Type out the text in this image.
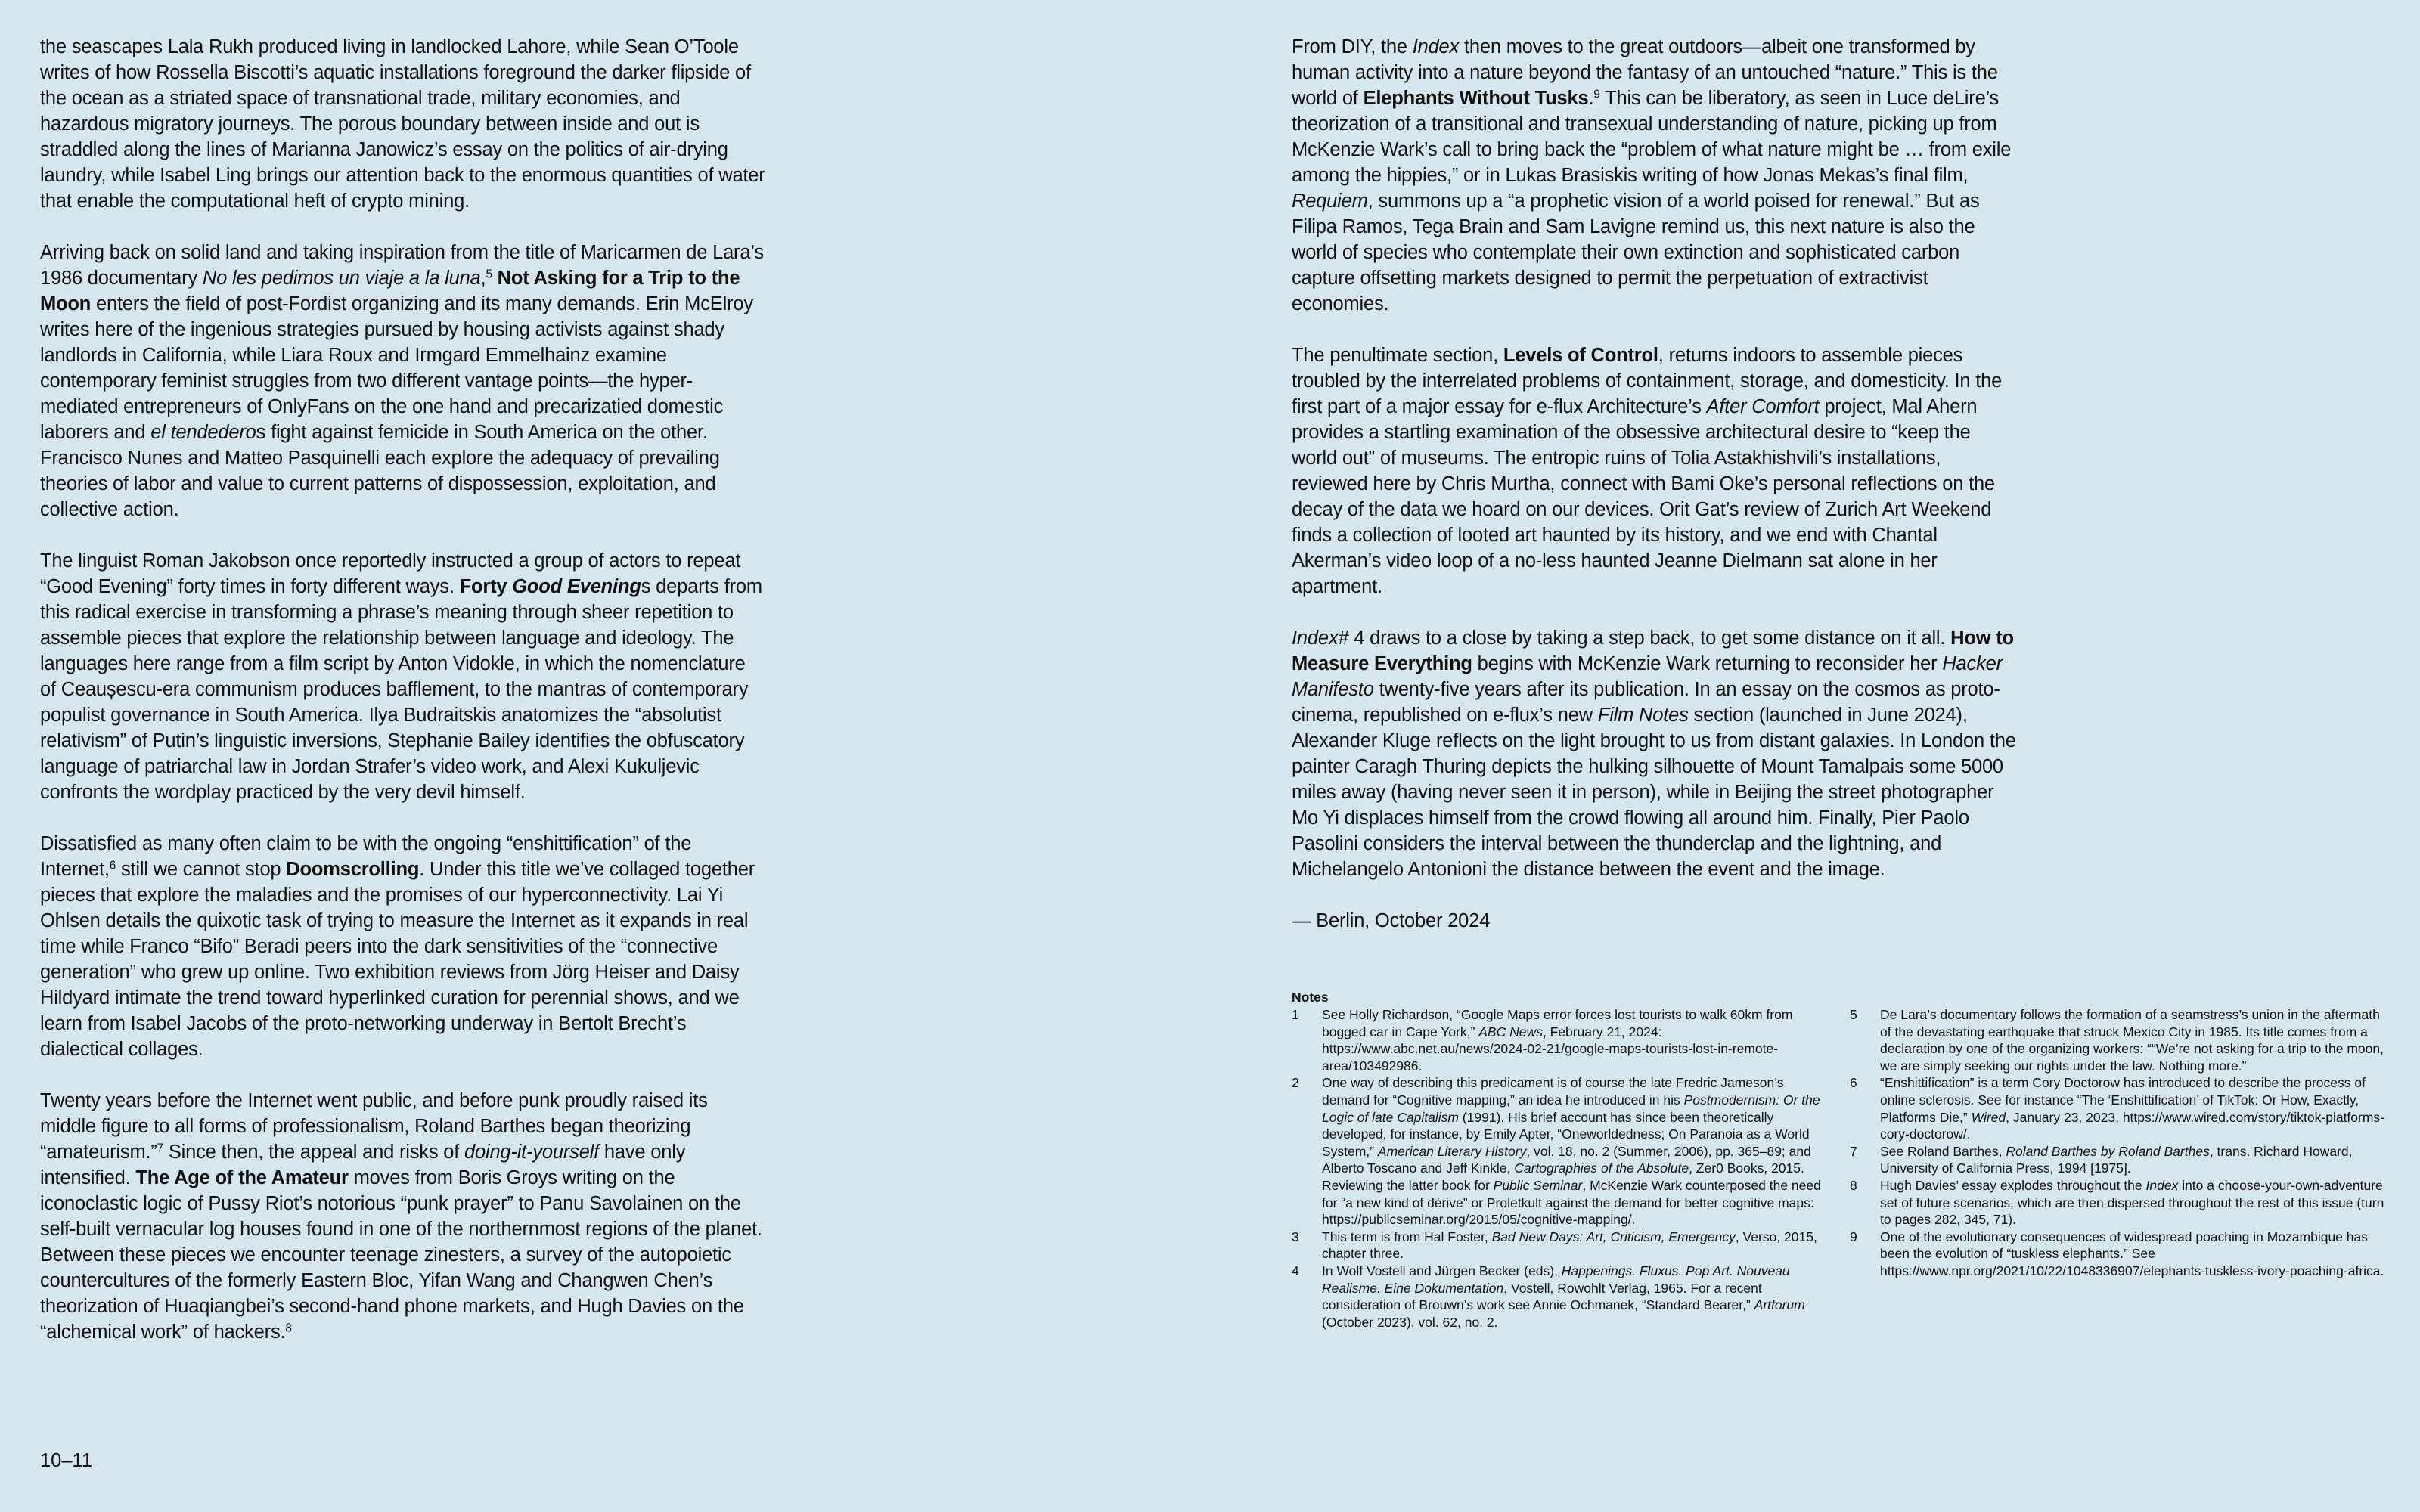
the seascapes Lala Rukh produced living in landlocked Lahore, while Sean O’Toole writes of how Rossella Biscotti’s aquatic installations foreground the darker flipside of the ocean as a striated space of transnational trade, military economies, and hazardous migratory journeys. The porous boundary between inside and out is straddled along the lines of Marianna Janowicz’s essay on the politics of air-drying laundry, while Isabel Ling brings our attention back to the enormous quantities of water that enable the computational heft of crypto mining.

Arriving back on solid land and taking inspiration from the title of Maricarmen de Lara’s 1986 documentary No les pedimos un viaje a la luna,$^5$ Not Asking for a Trip to the Moon enters the field of post-Fordist organizing and its many demands. Erin McElroy writes here of the ingenious strategies pursued by housing activists against shady landlords in California, while Liara Roux and Irmgard Emmelhainz examine contemporary feminist struggles from two different vantage points—the hyper-mediated entrepreneurs of OnlyFans on the one hand and precarizatied domestic laborers and el tendederos fight against femicide in South America on the other. Francisco Nunes and Matteo Pasquinelli each explore the adequacy of prevailing theories of labor and value to current patterns of dispossession, exploitation, and collective action.

The linguist Roman Jakobson once reportedly instructed a group of actors to repeat “Good Evening” forty times in forty different ways. Forty Good Evenings departs from this radical exercise in transforming a phrase’s meaning through sheer repetition to assemble pieces that explore the relationship between language and ideology. The languages here range from a film script by Anton Vidokle, in which the nomenclature of Ceaușescu-era communism produces bafflement, to the mantras of contemporary populist governance in South America. Ilya Budraitskis anatomizes the “absolutist relativism” of Putin’s linguistic inversions, Stephanie Bailey identifies the obfuscatory language of patriarchal law in Jordan Strafer’s video work, and Alexi Kukuljevic confronts the wordplay practiced by the very devil himself.

Dissatisfied as many often claim to be with the ongoing “enshittification” of the Internet,$^6$ still we cannot stop Doomscrolling. Under this title we’ve collaged together pieces that explore the maladies and the promises of our hyperconnectivity. Lai Yi Ohlsen details the quixotic task of trying to measure the Internet as it expands in real time while Franco “Bifo” Beradi peers into the dark sensitivities of the “connective generation” who grew up online. Two exhibition reviews from Jörg Heiser and Daisy Hildyard intimate the trend toward hyperlinked curation for perennial shows, and we learn from Isabel Jacobs of the proto-networking underway in Bertolt Brecht’s dialectical collages.

Twenty years before the Internet went public, and before punk proudly raised its middle figure to all forms of professionalism, Roland Barthes began theorizing “amateurism.”$^7$ Since then, the appeal and risks of doing-it-yourself have only intensified. The Age of the Amateur moves from Boris Groys writing on the iconoclastic logic of Pussy Riot’s notorious “punk prayer” to Panu Savolainen on the self-built vernacular log houses found in one of the northernmost regions of the planet. Between these pieces we encounter teenage zinesters, a survey of the autopoietic countercultures of the formerly Eastern Bloc, Yifan Wang and Changwen Chen’s theorization of Huaqiangbei’s second-hand phone markets, and Hugh Davies on the “alchemical work” of hackers.$^8$

From DIY, the Index then moves to the great outdoors—albeit one transformed by human activity into a nature beyond the fantasy of an untouched “nature.” This is the world of Elephants Without Tusks.$^9$ This can be liberatory, as seen in Luce deLire’s theorization of a transitional and transexual understanding of nature, picking up from McKenzie Wark’s call to bring back the “problem of what nature might be … from exile among the hippies,” or in Lukas Brasiskis writing of how Jonas Mekas’s final film, Requiem, summons up a “a prophetic vision of a world poised for renewal.” But as Filipa Ramos, Tega Brain and Sam Lavigne remind us, this next nature is also the world of species who contemplate their own extinction and sophisticated carbon capture offsetting markets designed to permit the perpetuation of extractivist economies.

The penultimate section, Levels of Control, returns indoors to assemble pieces troubled by the interrelated problems of containment, storage, and domesticity. In the first part of a major essay for e-flux Architecture’s After Comfort project, Mal Ahern provides a startling examination of the obsessive architectural desire to “keep the world out” of museums. The entropic ruins of Tolia Astakhishvili’s installations, reviewed here by Chris Murtha, connect with Bami Oke’s personal reflections on the decay of the data we hoard on our devices. Orit Gat’s review of Zurich Art Weekend finds a collection of looted art haunted by its history, and we end with Chantal Akerman’s video loop of a no-less haunted Jeanne Dielmann sat alone in her apartment.

Index# 4 draws to a close by taking a step back, to get some distance on it all. How to Measure Everything begins with McKenzie Wark returning to reconsider her Hacker Manifesto twenty-five years after its publication. In an essay on the cosmos as proto-cinema, republished on e-flux’s new Film Notes section (launched in June 2024), Alexander Kluge reflects on the light brought to us from distant galaxies. In London the painter Caragh Thuring depicts the hulking silhouette of Mount Tamalpais some 5000 miles away (having never seen it in person), while in Beijing the street photographer Mo Yi displaces himself from the crowd flowing all around him. Finally, Pier Paolo Pasolini considers the interval between the thunderclap and the lightning, and Michelangelo Antonioni the distance between the event and the image.

— Berlin, October 2024

Notes
1	See Holly Richardson, “Google Maps error forces lost tourists to walk 60km from bogged car in Cape York,” ABC News, February 21, 2024: https://www.abc.net.au/news/2024-02-21/google-maps-tourists-lost-in-remote-area/103492986.
2	One way of describing this predicament is of course the late Fredric Jameson’s demand for “Cognitive mapping,” an idea he introduced in his Postmodernism: Or the Logic of late Capitalism (1991). His brief account has since been theoretically developed, for instance, by Emily Apter, “Oneworldedness; On Paranoia as a World System,” American Literary History, vol. 18, no. 2 (Summer, 2006), pp. 365–89; and Alberto Toscano and Jeff Kinkle, Cartographies of the Absolute, Zer0 Books, 2015. Reviewing the latter book for Public Seminar, McKenzie Wark counterposed the need for “a new kind of dérive” or Proletkult against the demand for better cognitive maps: https://publicseminar.org/2015/05/cognitive-mapping/.
3	This term is from Hal Foster, Bad New Days: Art, Criticism, Emergency, Verso, 2015, chapter three.
4	In Wolf Vostell and Jürgen Becker (eds), Happenings. Fluxus. Pop Art. Nouveau Realisme. Eine Dokumentation, Vostell, Rowohlt Verlag, 1965. For a recent consideration of Brouwn’s work see Annie Ochmanek, “Standard Bearer,” Artforum (October 2023), vol. 62, no. 2.
5	De Lara’s documentary follows the formation of a seamstress’s union in the aftermath of the devastating earthquake that struck Mexico City in 1985. Its title comes from a declaration by one of the organizing workers: ““We’re not asking for a trip to the moon, we are simply seeking our rights under the law. Nothing more.”
6	“Enshittification” is a term Cory Doctorow has introduced to describe the process of online sclerosis. See for instance “The ‘Enshittification’ of TikTok: Or How, Exactly, Platforms Die,” Wired, January 23, 2023, https://www.wired.com/story/tiktok-platforms-cory-doctorow/.
7	See Roland Barthes, Roland Barthes by Roland Barthes, trans. Richard Howard, University of California Press, 1994 [1975].
8	Hugh Davies’ essay explodes throughout the Index into a choose-your-own-adventure set of future scenarios, which are then dispersed throughout the rest of this issue (turn to pages 282, 345, 71).
9	One of the evolutionary consequences of widespread poaching in Mozambique has been the evolution of “tuskless elephants.” See https://www.npr.org/2021/10/22/1048336907/elephants-tuskless-ivory-poaching-africa.
10–11
